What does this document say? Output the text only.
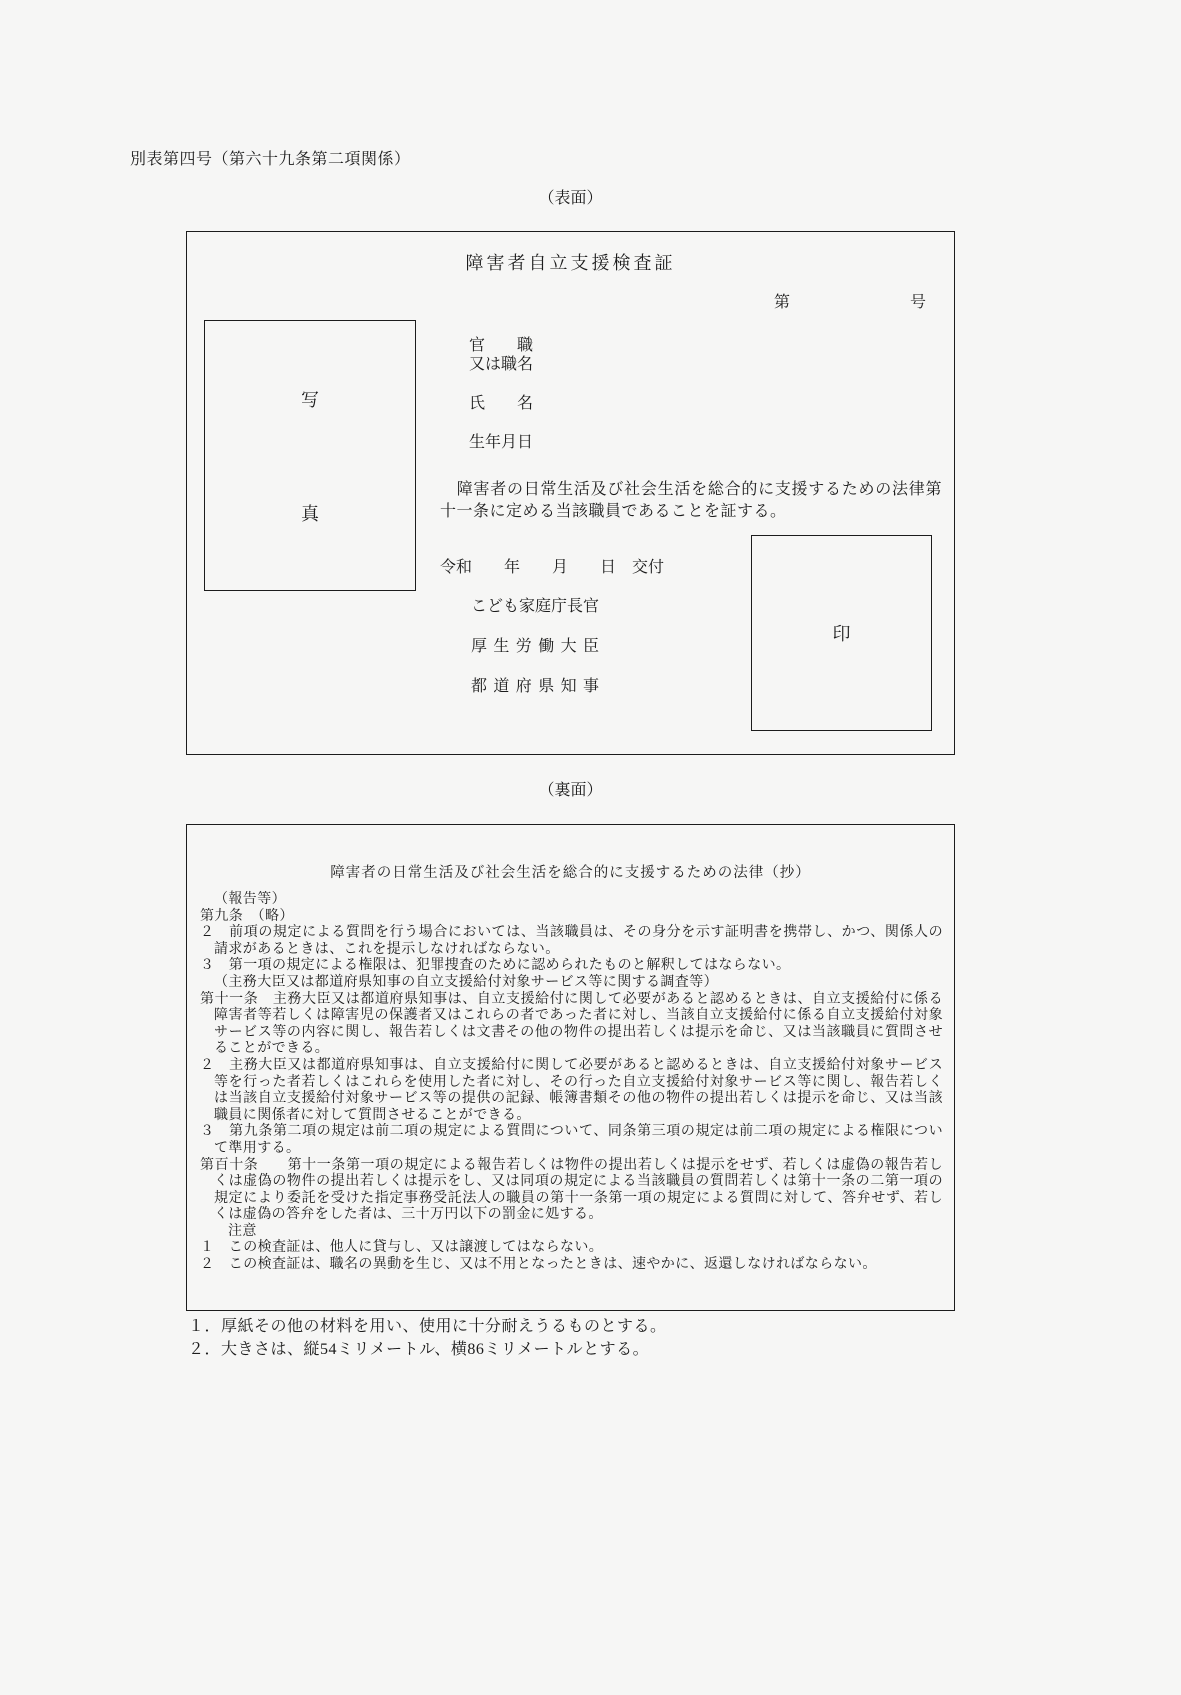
別表第四号（第六十九条第二項関係）
（表面）
障害者自立支援検査証
第	号
写
真
官　　職
又は職名
氏　　名
生年月日
　障害者の日常生活及び社会生活を総合的に支援するための法律第十一条に定める当該職員であることを証する。
令和　　年　　月　　日　交付
こども家庭庁長官
厚生労働大臣
都道府県知事
印
（裏面）
障害者の日常生活及び社会生活を総合的に支援するための法律（抄）
（報告等）
第九条　（略）
２　前項の規定による質問を行う場合においては、当該職員は、その身分を示す証明書を携帯し、かつ、関係人の請求があるときは、これを提示しなければならない。
３　第一項の規定による権限は、犯罪捜査のために認められたものと解釈してはならない。
（主務大臣又は都道府県知事の自立支援給付対象サービス等に関する調査等）
第十一条　主務大臣又は都道府県知事は、自立支援給付に関して必要があると認めるときは、自立支援給付に係る障害者等若しくは障害児の保護者又はこれらの者であった者に対し、当該自立支援給付に係る自立支援給付対象サービス等の内容に関し、報告若しくは文書その他の物件の提出若しくは提示を命じ、又は当該職員に質問させることができる。
２　主務大臣又は都道府県知事は、自立支援給付に関して必要があると認めるときは、自立支援給付対象サービス等を行った者若しくはこれらを使用した者に対し、その行った自立支援給付対象サービス等に関し、報告若しくは当該自立支援給付対象サービス等の提供の記録、帳簿書類その他の物件の提出若しくは提示を命じ、又は当該職員に関係者に対して質問させることができる。
３　第九条第二項の規定は前二項の規定による質問について、同条第三項の規定は前二項の規定による権限について準用する。
第百十条　　第十一条第一項の規定による報告若しくは物件の提出若しくは提示をせず、若しくは虚偽の報告若しくは虚偽の物件の提出若しくは提示をし、又は同項の規定による当該職員の質問若しくは第十一条の二第一項の規定により委託を受けた指定事務受託法人の職員の第十一条第一項の規定による質問に対して、答弁せず、若しくは虚偽の答弁をした者は、三十万円以下の罰金に処する。
注意
１　この検査証は、他人に貸与し、又は譲渡してはならない。
２　この検査証は、職名の異動を生じ、又は不用となったときは、速やかに、返還しなければならない。
１．厚紙その他の材料を用い、使用に十分耐えうるものとする。
２．大きさは、縦54ミリメートル、横86ミリメートルとする。
